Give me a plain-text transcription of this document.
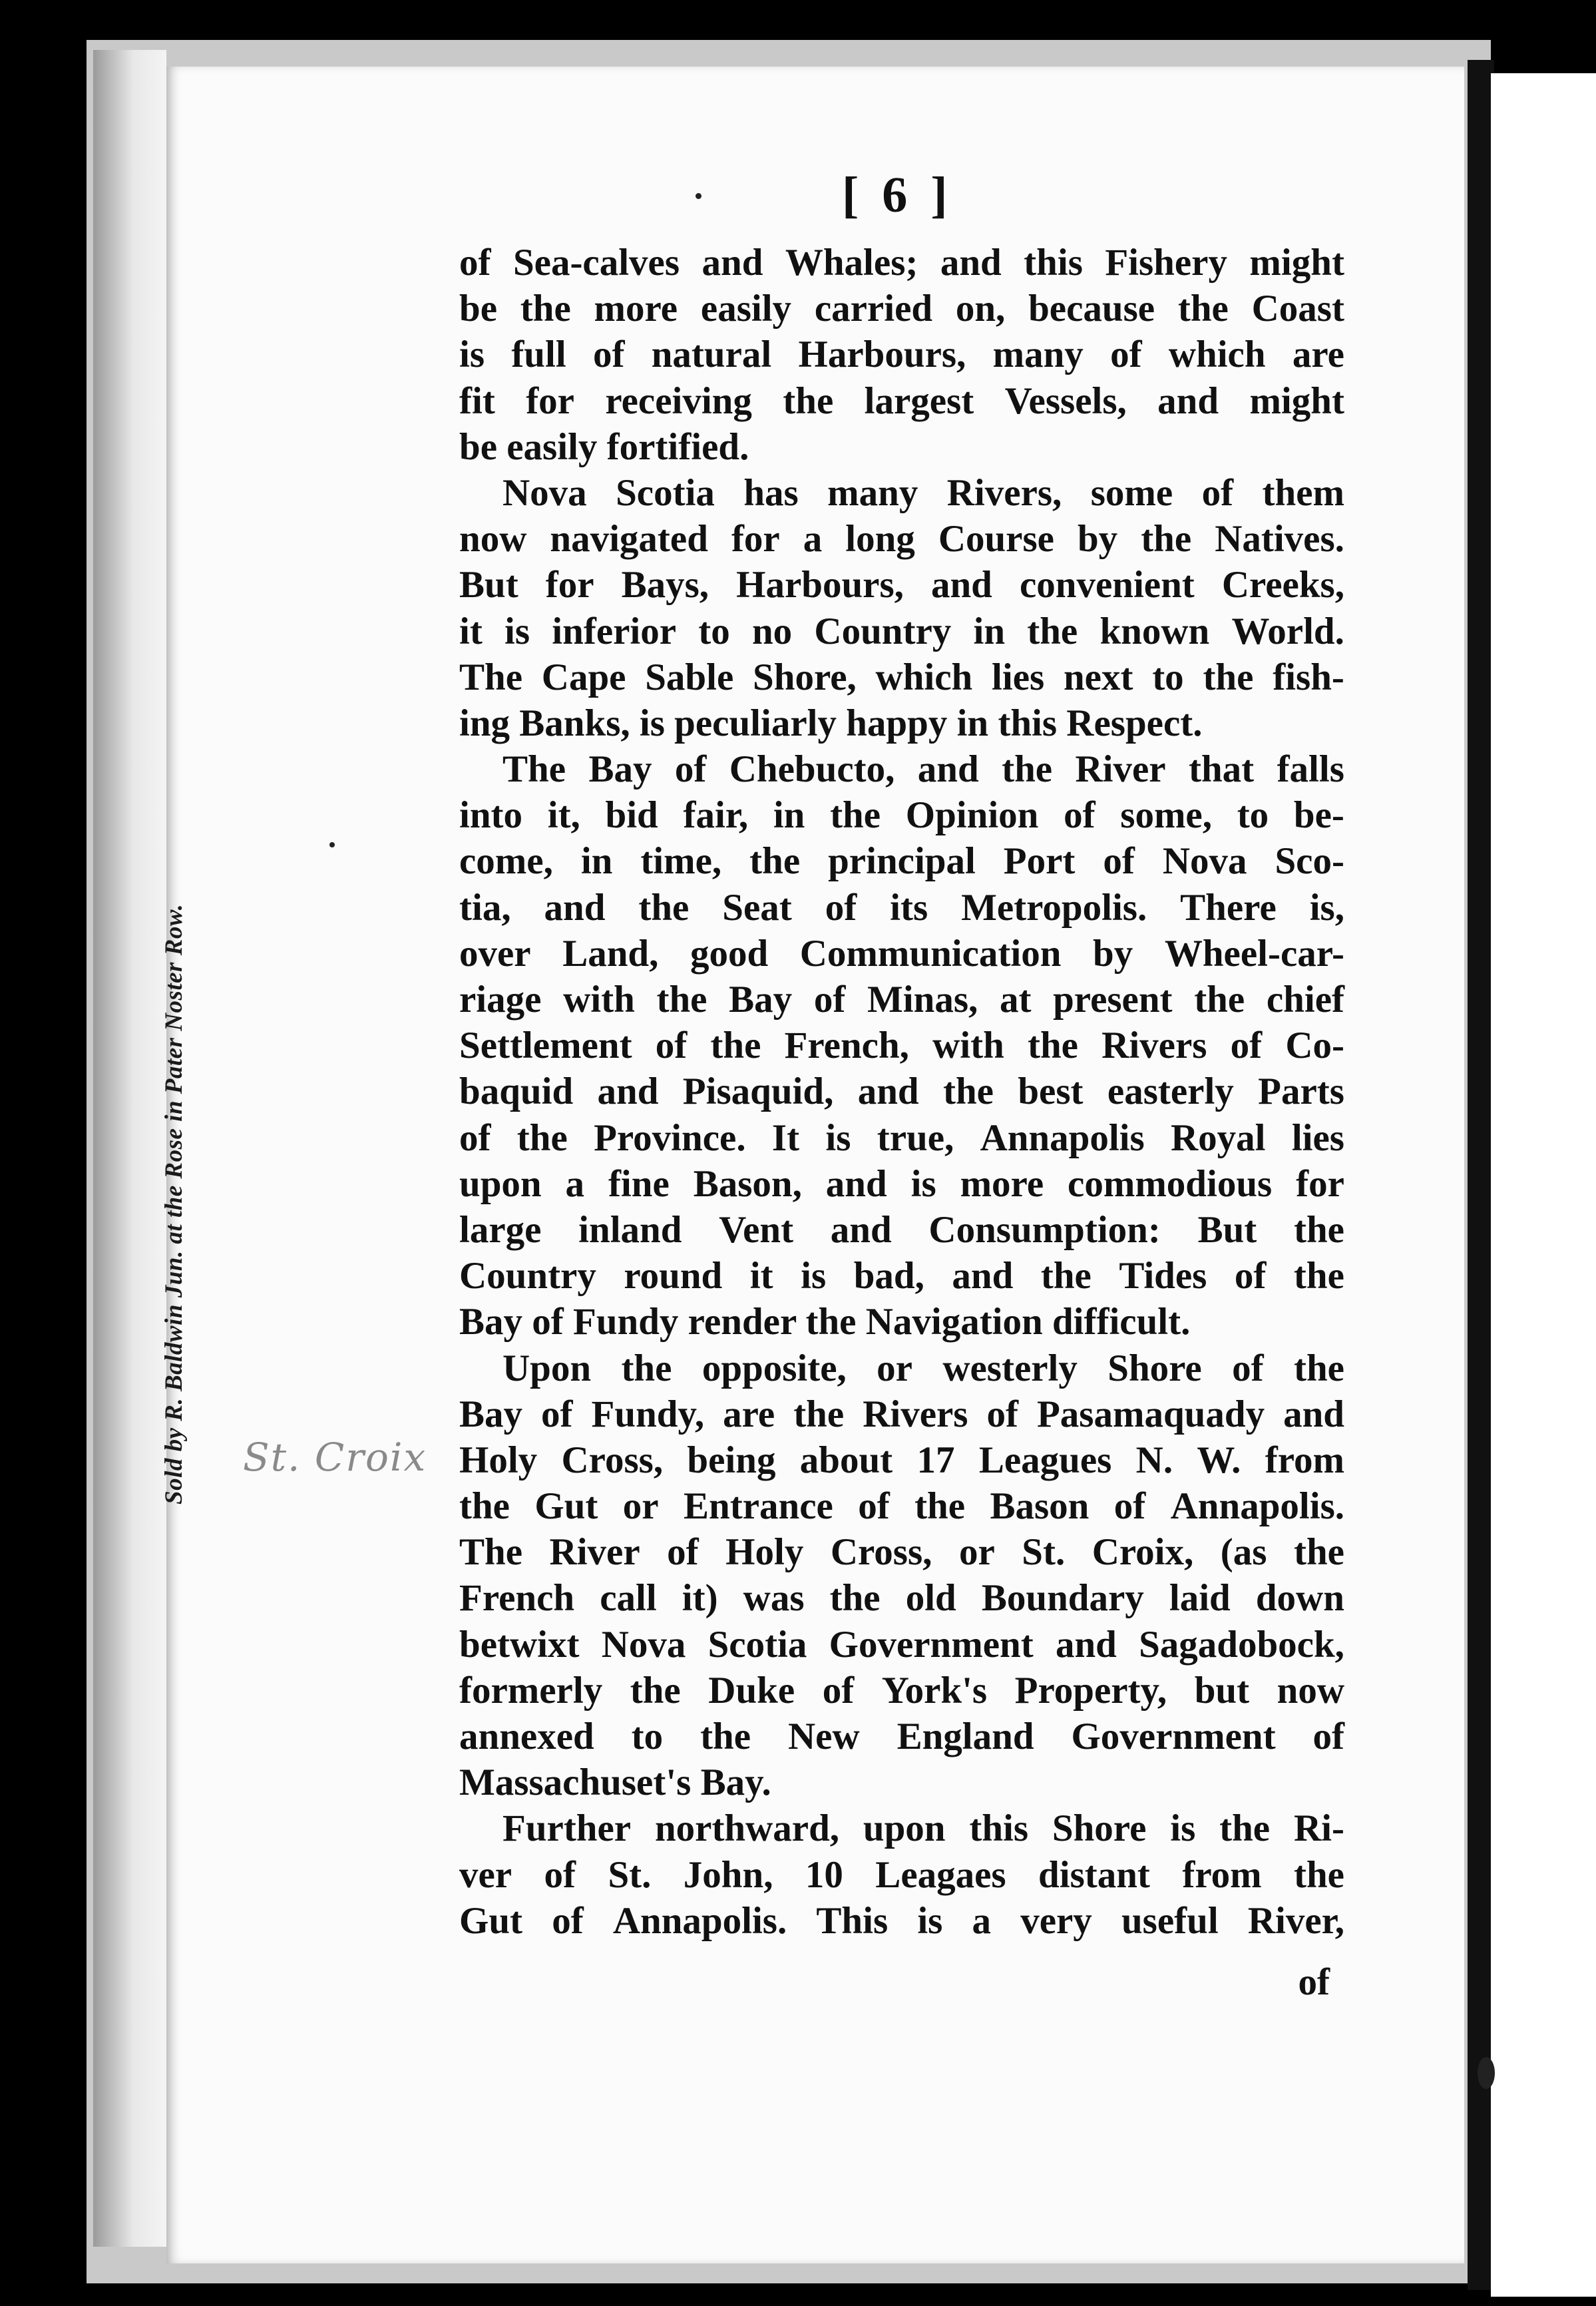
Sold by R. Baldwin Jun. at the Rose in Pater Noster Row. St. Croix
[ 6 ]
of Sea-calves and Whales; and this Fishery might
be the more easily carried on, because the Coast
is full of natural Harbours, many of which are
fit for receiving the largest Vessels, and might
be easily fortified.
Nova Scotia has many Rivers, some of them
now navigated for a long Course by the Natives.
But for Bays, Harbours, and convenient Creeks,
it is inferior to no Country in the known World.
The Cape Sable Shore, which lies next to the fish-
ing Banks, is peculiarly happy in this Respect.
The Bay of Chebucto, and the River that falls
into it, bid fair, in the Opinion of some, to be-
come, in time, the principal Port of Nova Sco-
tia, and the Seat of its Metropolis. There is,
over Land, good Communication by Wheel-car-
riage with the Bay of Minas, at present the chief
Settlement of the French, with the Rivers of Co-
baquid and Pisaquid, and the best easterly Parts
of the Province. It is true, Annapolis Royal lies
upon a fine Bason, and is more commodious for
large inland Vent and Consumption: But the
Country round it is bad, and the Tides of the
Bay of Fundy render the Navigation difficult.
Upon the opposite, or westerly Shore of the
Bay of Fundy, are the Rivers of Pasamaquady and
Holy Cross, being about 17 Leagues N. W. from
the Gut or Entrance of the Bason of Annapolis.
The River of Holy Cross, or St. Croix, (as the
French call it) was the old Boundary laid down
betwixt Nova Scotia Government and Sagadobock,
formerly the Duke of York's Property, but now
annexed to the New England Government of
Massachuset's Bay.
Further northward, upon this Shore is the Ri-
ver of St. John, 10 Leagaes distant from the
Gut of Annapolis. This is a very useful River,
of
